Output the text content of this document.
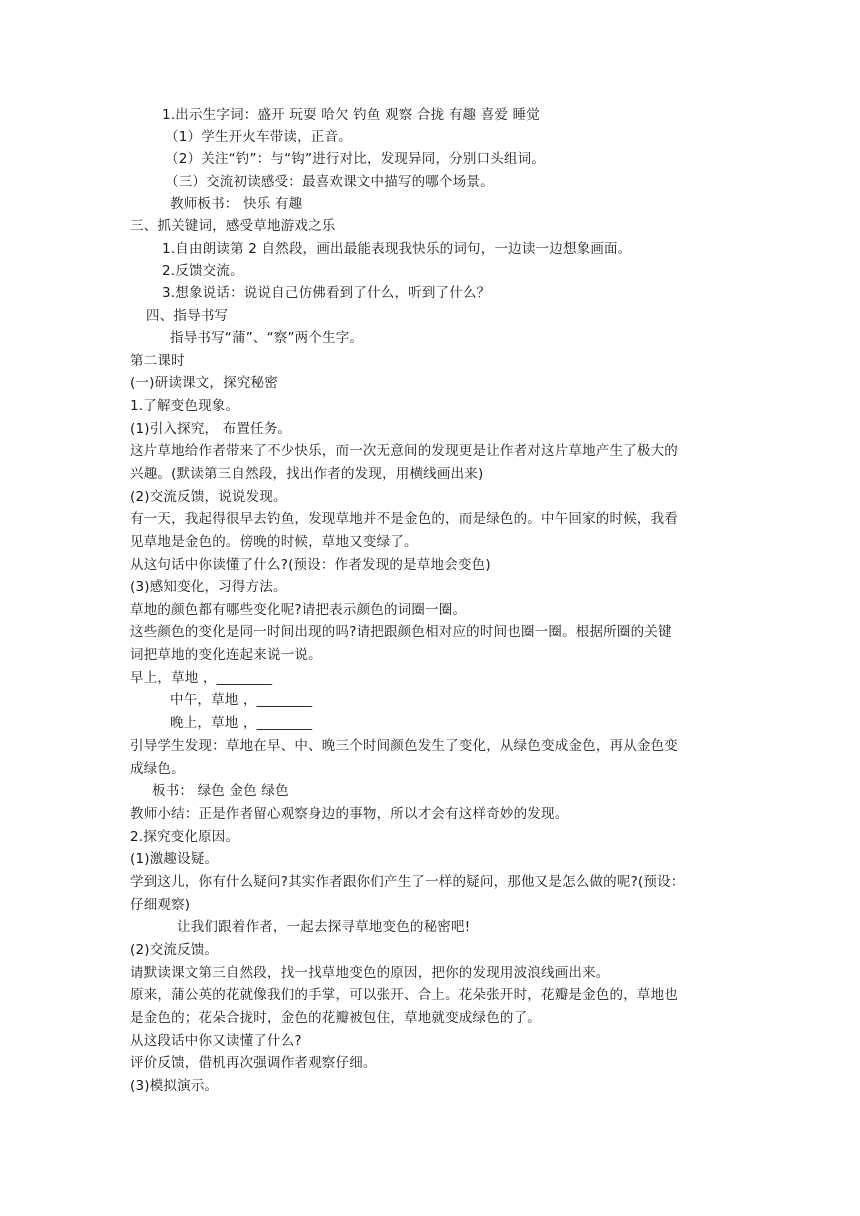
1.出示生字词：盛开 玩耍 哈欠 钓鱼 观察 合拢 有趣 喜爱 睡觉
（1）学生开火车带读，正音。
（2）关注“钓”：与“钩”进行对比，发现异同，分别口头组词。
（三）交流初读感受：最喜欢课文中描写的哪个场景。
教师板书： 快乐 有趣
三、抓关键词，感受草地游戏之乐
1.自由朗读第 2 自然段，画出最能表现我快乐的词句，一边读一边想象画面。
2.反馈交流。
3.想象说话：说说自己仿佛看到了什么，听到了什么？
四、指导书写
指导书写“蒲”、“察”两个生字。
第二课时
(一)研读课文，探究秘密
1.了解变色现象。
(1)引入探究， 布置任务。
这片草地给作者带来了不少快乐，而一次无意间的发现更是让作者对这片草地产生了极大的
兴趣。(默读第三自然段，找出作者的发现，用横线画出来)
(2)交流反馈，说说发现。
有一天，我起得很早去钓鱼，发现草地并不是金色的，而是绿色的。中午回家的时候，我看
见草地是金色的。傍晚的时候，草地又变绿了。
从这句话中你读懂了什么?(预设：作者发现的是草地会变色)
(3)感知变化，习得方法。
草地的颜色都有哪些变化呢?请把表示颜色的词圈一圈。
这些颜色的变化是同一时间出现的吗?请把跟颜色相对应的时间也圈一圈。根据所圈的关键
词把草地的变化连起来说一说。
早上，草地 ，________
中午，草地 ，________
晚上，草地 ，________
引导学生发现：草地在早、中、晚三个时间颜色发生了变化，从绿色变成金色，再从金色变
成绿色。
板书： 绿色 金色 绿色
教师小结：正是作者留心观察身边的事物，所以才会有这样奇妙的发现。
2.探究变化原因。
(1)激趣设疑。
学到这儿，你有什么疑问?其实作者跟你们产生了一样的疑问，那他又是怎么做的呢?(预设：
仔细观察)
让我们跟着作者，一起去探寻草地变色的秘密吧!
(2)交流反馈。
请默读课文第三自然段，找一找草地变色的原因，把你的发现用波浪线画出来。
原来，蒲公英的花就像我们的手掌，可以张开、合上。花朵张开时，花瓣是金色的，草地也
是金色的；花朵合拢时，金色的花瓣被包住，草地就变成绿色的了。
从这段话中你又读懂了什么?
评价反馈，借机再次强调作者观察仔细。
(3)模拟演示。
